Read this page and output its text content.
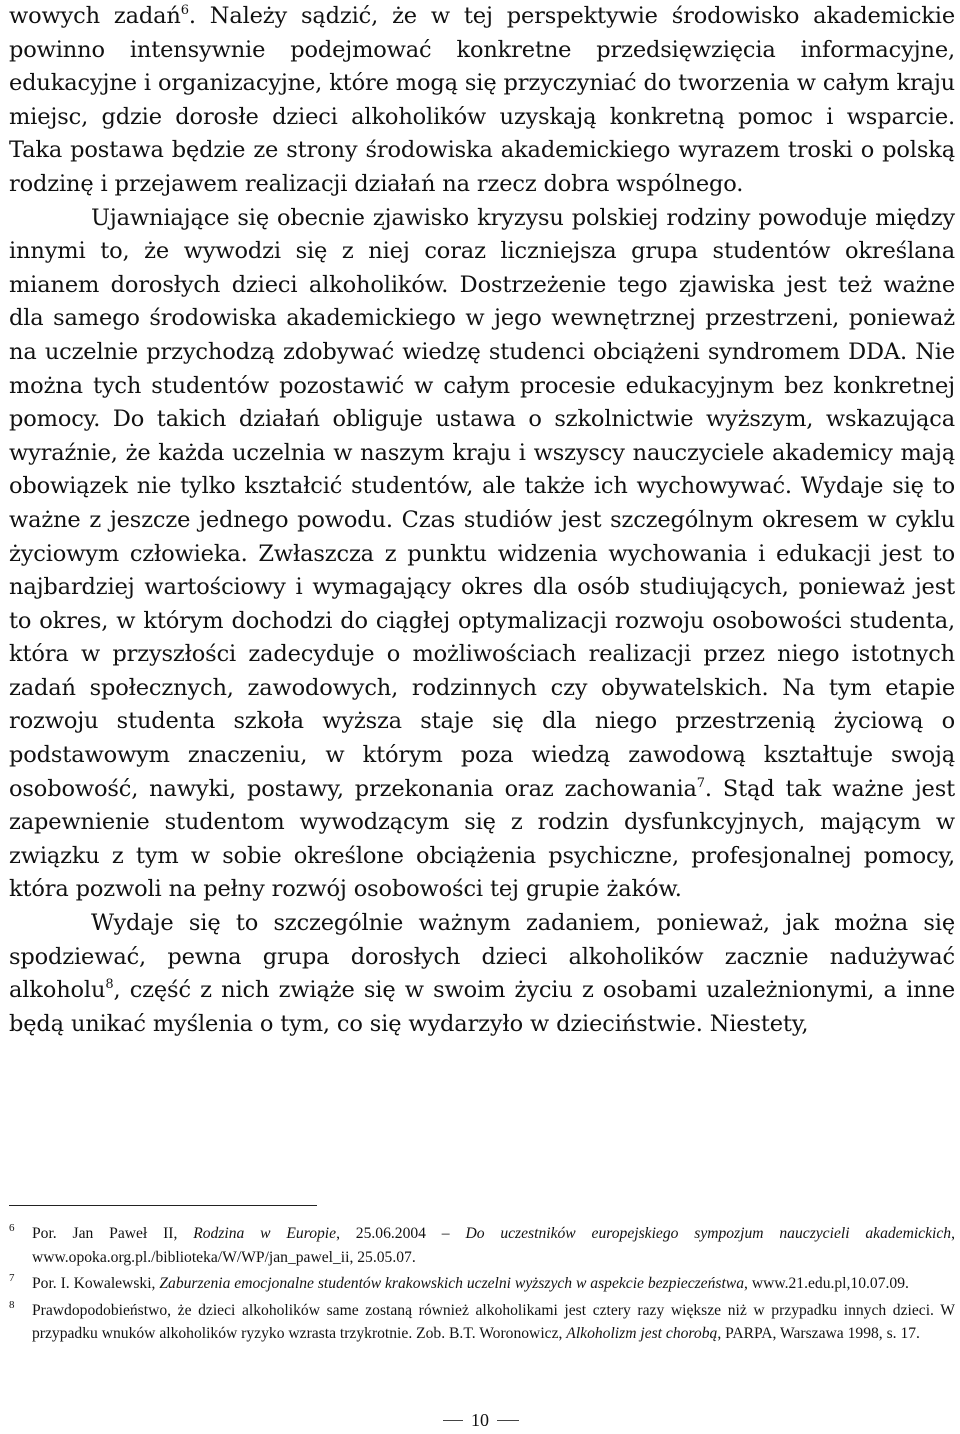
wowych zadań$^6$. Należy sądzić, że w tej perspektywie środowisko akademickie powinno intensywnie podejmować konkretne przedsięwzięcia informacyjne, edukacyjne i organizacyjne, które mogą się przyczyniać do tworzenia w całym kraju miejsc, gdzie dorosłe dzieci alkoholików uzyskają konkretną pomoc i wsparcie. Taka postawa będzie ze strony środowiska akademickiego wyrazem troski o polską rodzinę i przejawem realizacji działań na rzecz dobra wspólnego.

Ujawniające się obecnie zjawisko kryzysu polskiej rodziny powoduje między innymi to, że wywodzi się z niej coraz liczniejsza grupa studentów określana mianem dorosłych dzieci alkoholików. Dostrzeżenie tego zjawiska jest też ważne dla samego środowiska akademickiego w jego wewnętrznej przestrzeni, ponieważ na uczelnie przychodzą zdobywać wiedzę studenci obciążeni syndromem DDA. Nie można tych studentów pozostawić w całym procesie edukacyjnym bez konkretnej pomocy. Do takich działań obliguje ustawa o szkolnictwie wyższym, wskazująca wyraźnie, że każda uczelnia w naszym kraju i wszyscy nauczyciele akademicy mają obowiązek nie tylko kształcić studentów, ale także ich wychowywać. Wydaje się to ważne z jeszcze jednego powodu. Czas studiów jest szczególnym okresem w cyklu życiowym człowieka. Zwłaszcza z punktu widzenia wychowania i edukacji jest to najbardziej wartościowy i wymagający okres dla osób studiujących, ponieważ jest to okres, w którym dochodzi do ciągłej optymalizacji rozwoju osobowości studenta, która w przyszłości zadecyduje o możliwościach realizacji przez niego istotnych zadań społecznych, zawodowych, rodzinnych czy obywatelskich. Na tym etapie rozwoju studenta szkoła wyższa staje się dla niego przestrzenią życiową o podstawowym znaczeniu, w którym poza wiedzą zawodową kształtuje swoją osobowość, nawyki, postawy, przekonania oraz zachowania$^7$. Stąd tak ważne jest zapewnienie studentom wywodzącym się z rodzin dysfunkcyjnych, mającym w związku z tym w sobie określone obciążenia psychiczne, profesjonalnej pomocy, która pozwoli na pełny rozwój osobowości tej grupie żaków.

Wydaje się to szczególnie ważnym zadaniem, ponieważ, jak można się spodziewać, pewna grupa dorosłych dzieci alkoholików zacznie nadużywać alkoholu$^8$, część z nich zwiąże się w swoim życiu z osobami uzależnionymi, a inne będą unikać myślenia o tym, co się wydarzyło w dzieciństwie. Niestety,

6 Por. Jan Paweł II, Rodzina w Europie, 25.06.2004 – Do uczestników europejskiego sympozjum nauczycieli akademickich, www.opoka.org.pl./biblioteka/W/WP/jan_pawel_ii, 25.05.07.

7 Por. I. Kowalewski, Zaburzenia emocjonalne studentów krakowskich uczelni wyższych w aspekcie bezpieczeństwa, www.21.edu.pl,10.07.09.

8 Prawdopodobieństwo, że dzieci alkoholików same zostaną również alkoholikami jest cztery razy większe niż w przypadku innych dzieci. W przypadku wnuków alkoholików ryzyko wzrasta trzykrotnie. Zob. B.T. Woronowicz, Alkoholizm jest chorobą, PARPA, Warszawa 1998, s. 17.

10
